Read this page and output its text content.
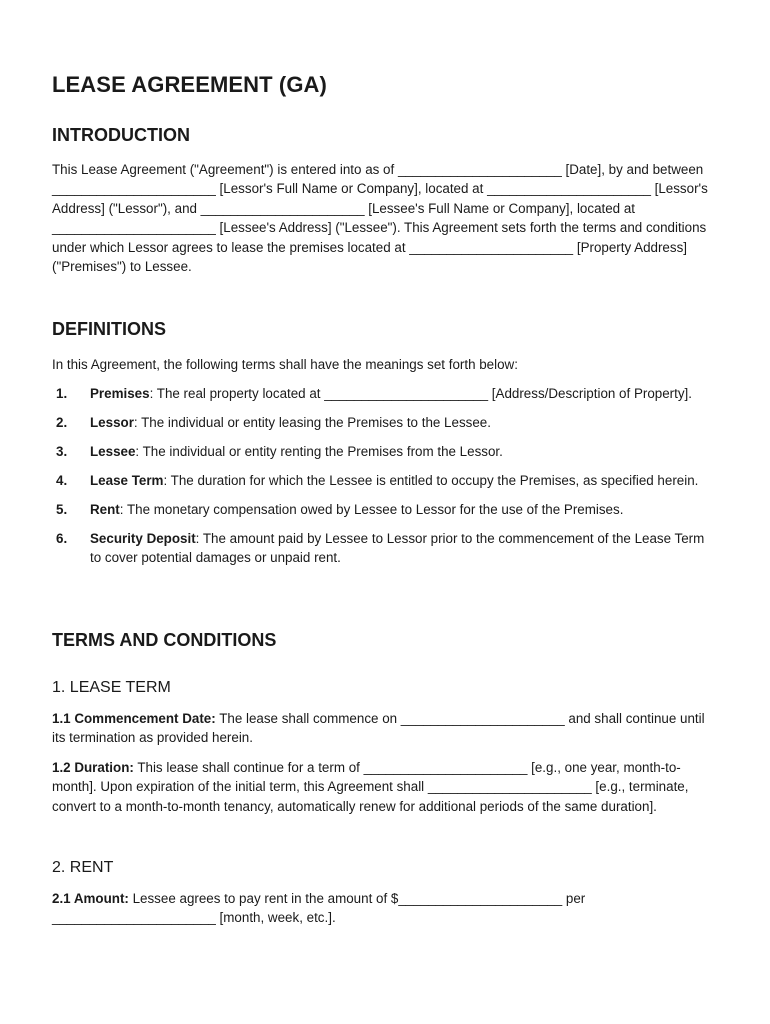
LEASE AGREEMENT (GA)
INTRODUCTION

This Lease Agreement ("Agreement") is entered into as of ______________________ [Date], by and between ______________________ [Lessor's Full Name or Company], located at ______________________ [Lessor's Address] ("Lessor"), and ______________________ [Lessee's Full Name or Company], located at ______________________ [Lessee's Address] ("Lessee"). This Agreement sets forth the terms and conditions under which Lessor agrees to lease the premises located at ______________________ [Property Address] ("Premises") to Lessee.

DEFINITIONS

In this Agreement, the following terms shall have the meanings set forth below:

1. Premises: The real property located at ______________________ [Address/Description of Property].
2. Lessor: The individual or entity leasing the Premises to the Lessee.
3. Lessee: The individual or entity renting the Premises from the Lessor.
4. Lease Term: The duration for which the Lessee is entitled to occupy the Premises, as specified herein.
5. Rent: The monetary compensation owed by Lessee to Lessor for the use of the Premises.
6. Security Deposit: The amount paid by Lessee to Lessor prior to the commencement of the Lease Term to cover potential damages or unpaid rent.
TERMS AND CONDITIONS
1. LEASE TERM

1.1 Commencement Date: The lease shall commence on ______________________ and shall continue until its termination as provided herein.

1.2 Duration: This lease shall continue for a term of ______________________ [e.g., one year, month-to-month]. Upon expiration of the initial term, this Agreement shall ______________________ [e.g., terminate, convert to a month-to-month tenancy, automatically renew for additional periods of the same duration].

2. RENT

2.1 Amount: Lessee agrees to pay rent in the amount of $______________________ per ______________________ [month, week, etc.].
